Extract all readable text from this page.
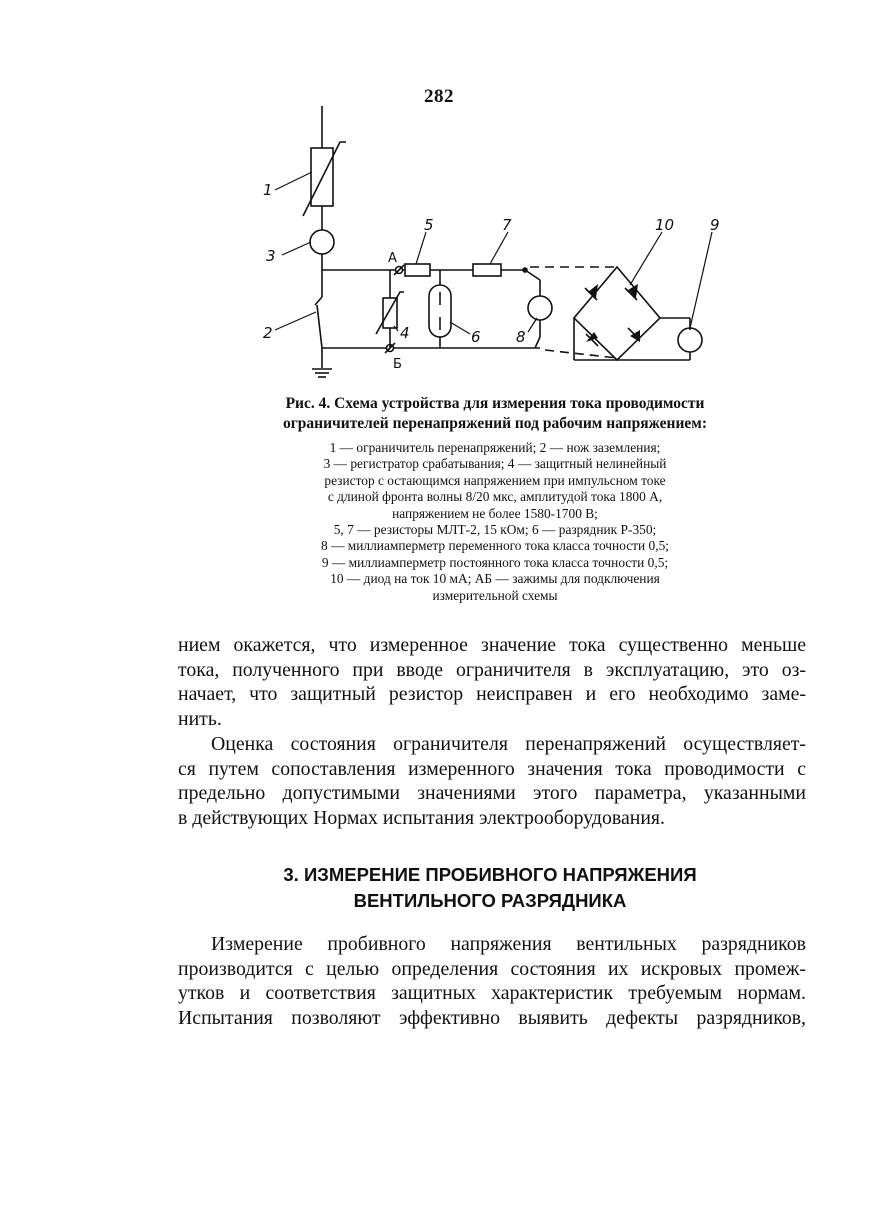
282
1
3
2
5	7	10 9
4	6 8
А
Б
Рис. 4. Схема устройства для измерения тока проводимости
ограничителей перенапряжений под рабочим напряжением:
1 — ограничитель перенапряжений; 2 — нож заземления;
3 — регистратор срабатывания; 4 — защитный нелинейный
резистор с остающимся напряжением при импульсном токе
с длиной фронта волны 8/20 мкс, амплитудой тока 1800 А,
напряжением не более 1580-1700 В;
5, 7 — резисторы МЛТ-2, 15 кОм; 6 — разрядник Р-350;
8 — миллиамперметр переменного тока класса точности 0,5;
9 — миллиамперметр постоянного тока класса точности 0,5;
10 — диод на ток 10 мА; АБ — зажимы для подключения
измерительной схемы
нием окажется, что измеренное значение тока существенно меньше
тока, полученного при вводе ограничителя в эксплуатацию, это оз-
начает, что защитный резистор неисправен и его необходимо заме-
нить.
Оценка состояния ограничителя перенапряжений осуществляет-
ся путем сопоставления измеренного значения тока проводимости с
предельно допустимыми значениями этого параметра, указанными
в действующих Нормах испытания электрооборудования.
3. ИЗМЕРЕНИЕ ПРОБИВНОГО НАПРЯЖЕНИЯ
ВЕНТИЛЬНОГО РАЗРЯДНИКА
Измерение пробивного напряжения вентильных разрядников
производится с целью определения состояния их искровых промеж-
утков и соответствия защитных характеристик требуемым нормам.
Испытания позволяют эффективно выявить дефекты разрядников,
